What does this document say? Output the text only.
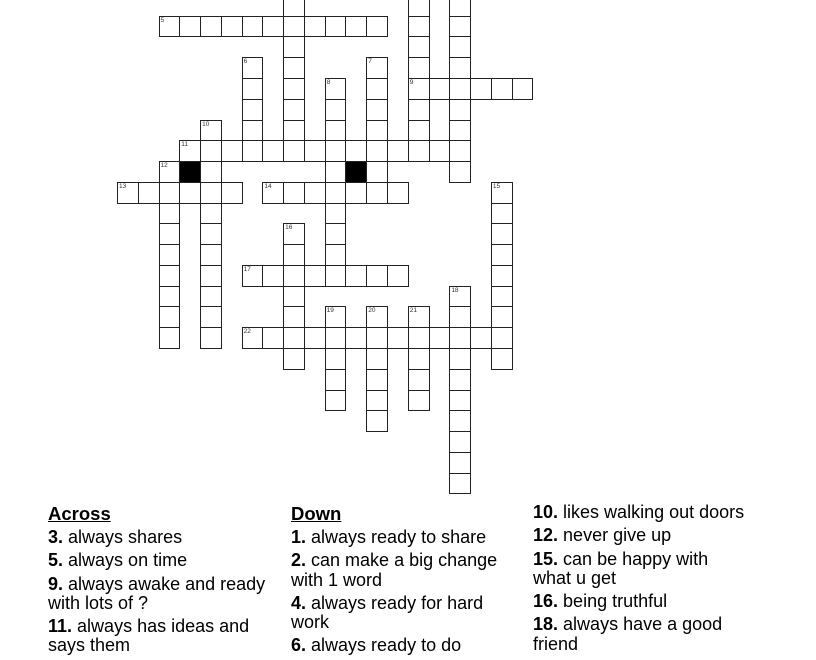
9
5
6	7
8
10
11
12
13	14	15
16
17
18
19	20	21
22
Across
3. always shares
5. always on time
9. always awake and ready with lots of ?
11. always has ideas and says them
Down
1. always ready to share
2. can make a big change with 1 word
4. always ready for hard work
6. always ready to do
10. likes walking out doors
12. never give up
15. can be happy with what u get
16. being truthful
18. always have a good friend
